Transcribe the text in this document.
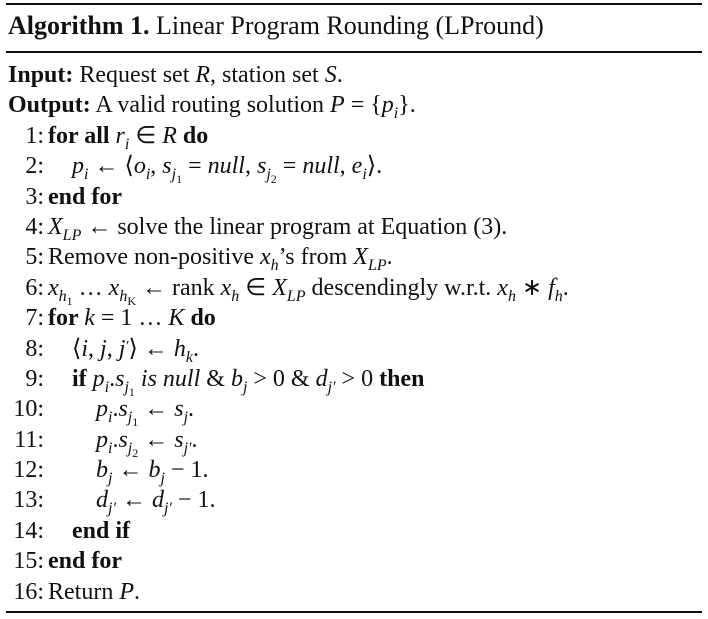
Algorithm 1. Linear Program Rounding (LPround)
Input: Request set R, station set S.
Output: A valid routing solution $P = \{p_i\}$.
1: for all $r_i$ ∈ R do
2: $p_i$ ← $⟨o_i$, $s_{j1}$ = null, $s_{j2}$ = null, $e_i⟩$.
3: end for
4: $X_{LP}$ ← solve the linear program at Equation (3).
5: Remove non-positive $x_h’s$ from $X_{LP}$.
6: $x_{h1}$ … $x_{hK}$ ← rank $x_h$ ∈ $X_{LP}$ descendingly w.r.t. $x_h$ ∗ $f_h$.
7: for k = 1 … K do
8: ⟨i, j, j′⟩ ← $h_k$.
9: if $p_i.s_{j1}$ is null & $b_j > 0$ & $d_{j'} > 0$ then
10: $p_i.s_{j1}$ ← $s_j$.
11: $p_i.s_{j2}$ ← $s_{j'}$.
12: $b_j$ ← $b_j - 1$.
13: $d_{j'}$ ← $d_{j'} - 1$.
14: end if
15: end for
16: Return P.
